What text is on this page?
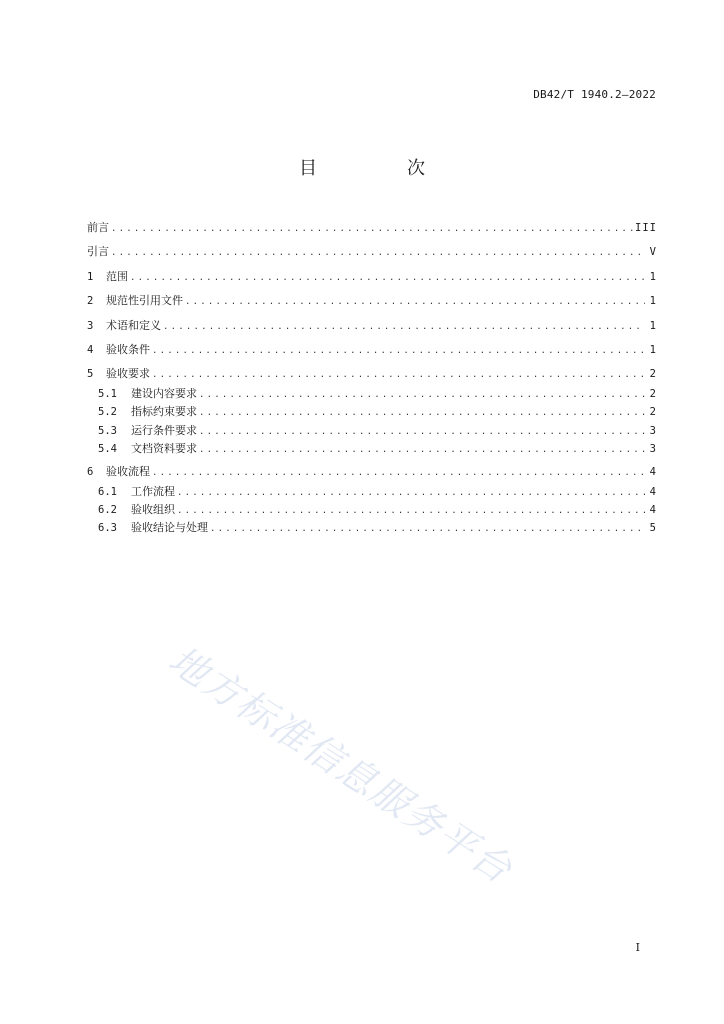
DB42/T 1940.2—2022
目　次
前言 .....	III
引言 .....	V
1	范围 .....	1
2	规范性引用文件 .....	1
3	术语和定义 .....	1
4	验收条件 .....	1
5	验收要求 .....	2
5.1	建设内容要求 .....	2
5.2	指标约束要求 .....	2
5.3	运行条件要求 .....	3
5.4	文档资料要求 .....	3
6	验收流程 .....	4
6.1	工作流程 .....	4
6.2	验收组织 .....	4
6.3	验收结论与处理 .....	5
地方标准信息服务平台
I
